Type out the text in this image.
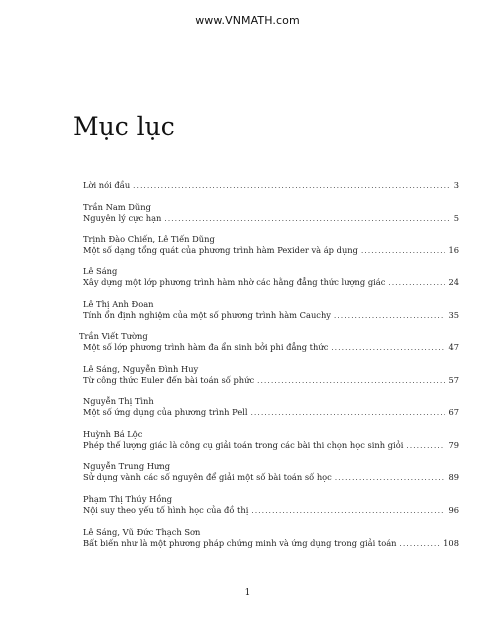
www.VNMATH.com
Mục lục
Lời nói đầu . . .	3
Trần Nam Dũng
Nguyên lý cực hạn . . .	5
Trịnh Đào Chiến, Lê Tiến Dũng
Một số dạng tổng quát của phương trình hàm Pexider và áp dụng . . .	16
Lê Sáng
Xây dựng một lớp phương trình hàm nhờ các hằng đẳng thức lượng giác . . .	24
Lê Thị Anh Đoan
Tính ổn định nghiệm của một số phương trình hàm Cauchy . . .	35
Trần Viết Tường
Một số lớp phương trình hàm đa ẩn sinh bởi phi đẳng thức . . .	47
Lê Sáng, Nguyễn Đình Huy
Từ công thức Euler đến bài toán số phức . . .	57
Nguyễn Thị Tình
Một số ứng dụng của phương trình Pell . . .	67
Huỳnh Bá Lộc
Phép thế lượng giác là công cụ giải toán trong các bài thi chọn học sinh giỏi . . .	79
Nguyễn Trung Hưng
Sử dụng vành các số nguyên để giải một số bài toán số học . . .	89
Phạm Thị Thúy Hồng
Nội suy theo yếu tố hình học của đồ thị . . .	96
Lê Sáng, Vũ Đức Thạch Sơn
Bất biến như là một phương pháp chứng minh và ứng dụng trong giải toán . . .	108
1
